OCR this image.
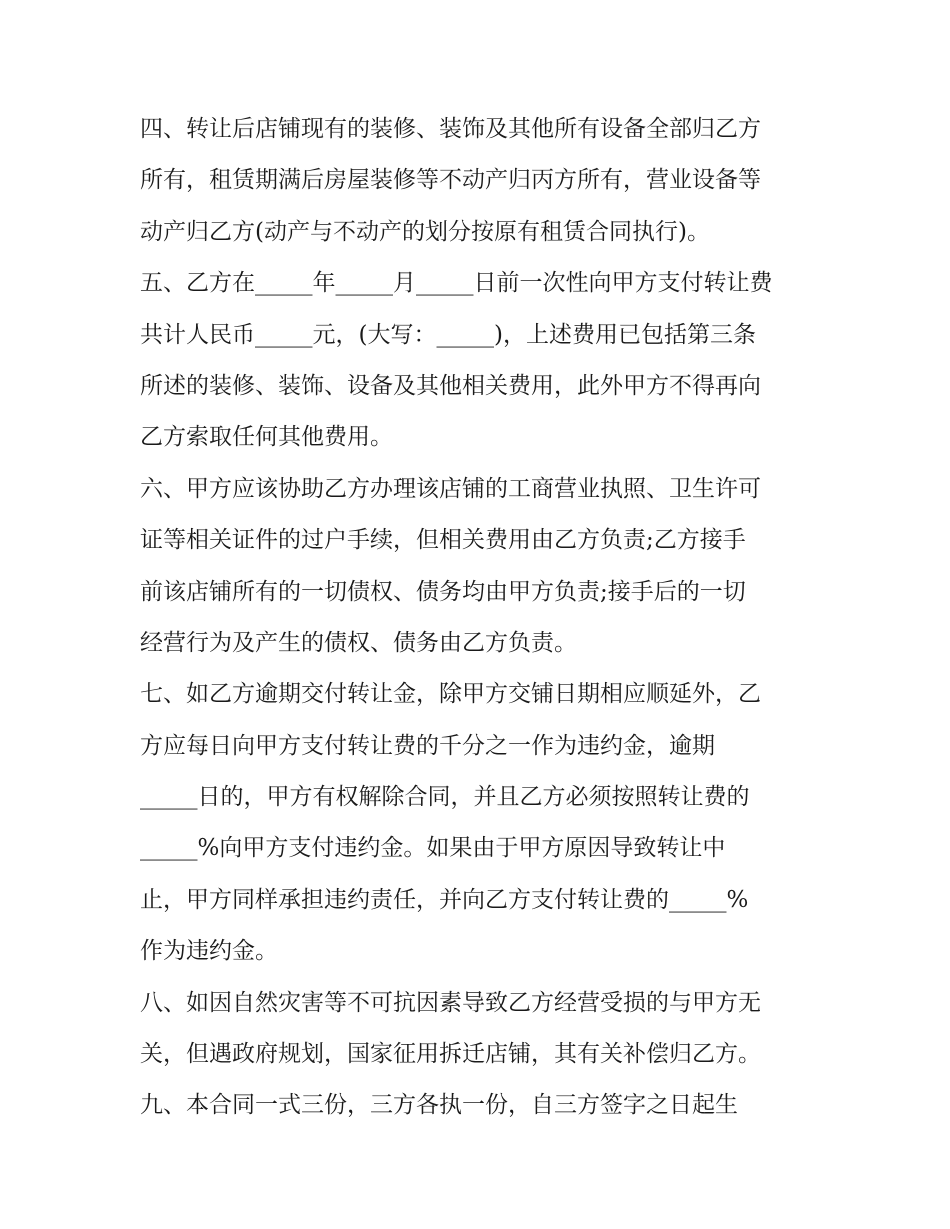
四、转让后店铺现有的装修、装饰及其他所有设备全部归乙方
所有，租赁期满后房屋装修等不动产归丙方所有，营业设备等
动产归乙方(动产与不动产的划分按原有租赁合同执行)。
五、乙方在_____年_____月_____日前一次性向甲方支付转让费
共计人民币_____元，(大写：_____)，上述费用已包括第三条
所述的装修、装饰、设备及其他相关费用，此外甲方不得再向
乙方索取任何其他费用。
六、甲方应该协助乙方办理该店铺的工商营业执照、卫生许可
证等相关证件的过户手续，但相关费用由乙方负责;乙方接手
前该店铺所有的一切债权、债务均由甲方负责;接手后的一切
经营行为及产生的债权、债务由乙方负责。
七、如乙方逾期交付转让金，除甲方交铺日期相应顺延外，乙
方应每日向甲方支付转让费的千分之一作为违约金，逾期
_____日的，甲方有权解除合同，并且乙方必须按照转让费的
_____%向甲方支付违约金。如果由于甲方原因导致转让中
止，甲方同样承担违约责任，并向乙方支付转让费的_____%
作为违约金。
八、如因自然灾害等不可抗因素导致乙方经营受损的与甲方无
关，但遇政府规划，国家征用拆迁店铺，其有关补偿归乙方。
九、本合同一式三份，三方各执一份，自三方签字之日起生
